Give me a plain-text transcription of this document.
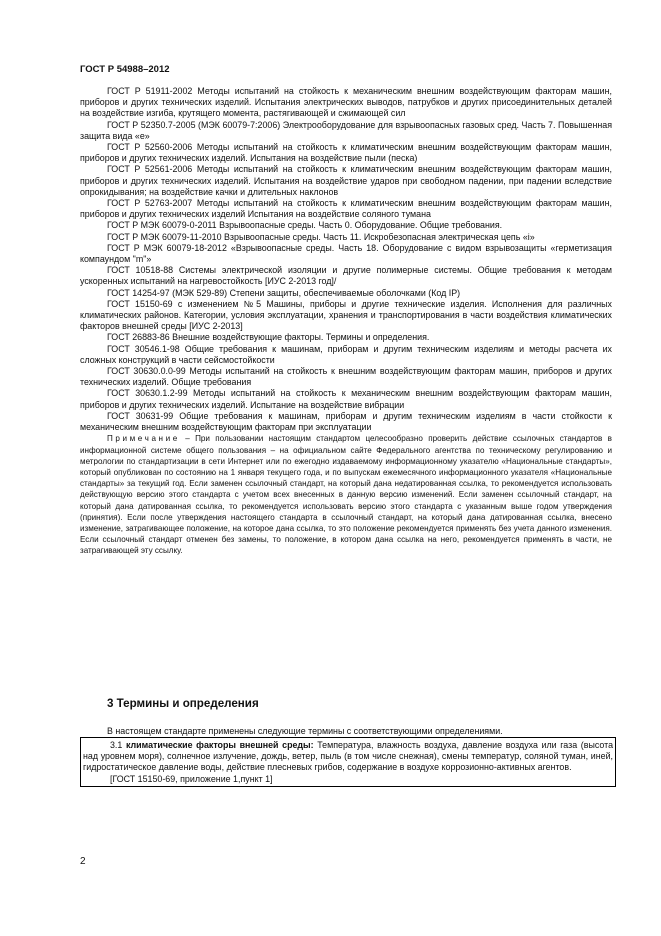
ГОСТ Р 54988–2012

ГОСТ Р 51911-2002 Методы испытаний на стойкость к механическим внешним воздействующим факторам машин, приборов и других технических изделий. Испытания электрических выводов, патрубков и других присоединительных деталей на воздействие изгиба, крутящего момента, растягивающей и сжимающей сил

ГОСТ Р 52350.7-2005 (МЭК 60079-7:2006) Электрооборудование для взрывоопасных газовых сред. Часть 7. Повышенная защита вида «е»

ГОСТ Р 52560-2006 Методы испытаний на стойкость к климатическим внешним воздействующим факторам машин, приборов и других технических изделий. Испытания на воздействие пыли (песка)

ГОСТ Р 52561-2006 Методы испытаний на стойкость к климатическим внешним воздействующим факторам машин, приборов и других технических изделий. Испытания на воздействие ударов при свободном падении, при падении вследствие опрокидывания; на воздействие качки и длительных наклонов

ГОСТ Р 52763-2007 Методы испытаний на стойкость к климатическим внешним воздействующим факторам машин, приборов и других технических изделий Испытания на воздействие соляного тумана

ГОСТ Р МЭК 60079-0-2011 Взрывоопасные среды. Часть 0. Оборудование. Общие требования.

ГОСТ Р МЭК 60079-11-2010 Взрывоопасные среды. Часть 11. Искробезопасная электрическая цепь «i»

ГОСТ Р МЭК 60079-18-2012 «Взрывоопасные среды. Часть 18. Оборудование с видом взрывозащиты «герметизация компаундом "m"»

ГОСТ 10518-88 Системы электрической изоляции и другие полимерные системы. Общие требования к методам ускоренных испытаний на нагревостойкость [ИУС 2-2013 год]/

ГОСТ 14254-97 (МЭК 529-89) Степени защиты, обеспечиваемые оболочками (Код IP)

ГОСТ 15150-69 с изменением №5 Машины, приборы и другие технические изделия. Исполнения для различных климатических районов. Категории, условия эксплуатации, хранения и транспортирования в части воздействия климатических факторов внешней среды [ИУС 2-2013]

ГОСТ 26883-86 Внешние воздействующие факторы. Термины и определения.

ГОСТ 30546.1-98 Общие требования к машинам, приборам и другим техническим изделиям и методы расчета их сложных конструкций в части сейсмостойкости

ГОСТ 30630.0.0-99 Методы испытаний на стойкость к внешним воздействующим факторам машин, приборов и других технических изделий. Общие требования

ГОСТ 30630.1.2-99 Методы испытаний на стойкость к механическим внешним воздействующим факторам машин, приборов и других технических изделий. Испытание на воздействие вибрации

ГОСТ 30631-99 Общие требования к машинам, приборам и другим техническим изделиям в части стойкости к механическим внешним воздействующим факторам при эксплуатации

Примечание – При пользовании настоящим стандартом целесообразно проверить действие ссылочных стандартов в информационной системе общего пользования – на официальном сайте Федерального агентства по техническому регулированию и метрологии по стандартизации в сети Интернет или по ежегодно издаваемому информационному указателю «Национальные стандарты», который опубликован по состоянию на 1 января текущего года, и по выпускам ежемесячного информационного указателя «Национальные стандарты» за текущий год. Если заменен ссылочный стандарт, на который дана недатированная ссылка, то рекомендуется использовать действующую версию этого стандарта с учетом всех внесенных в данную версию изменений. Если заменен ссылочный стандарт, на который дана датированная ссылка, то рекомендуется использовать версию этого стандарта с указанным выше годом утверждения (принятия). Если после утверждения настоящего стандарта в ссылочный стандарт, на который дана датированная ссылка, внесено изменение, затрагивающее положение, на которое дана ссылка, то это положение рекомендуется применять без учета данного изменения. Если ссылочный стандарт отменен без замены, то положение, в котором дана ссылка на него, рекомендуется применять в части, не затрагивающей эту ссылку.

3 Термины и определения

В настоящем стандарте применены следующие термины с соответствующими определениями.

3.1 климатические факторы внешней среды: Температура, влажность воздуха, давление воздуха или газа (высота над уровнем моря), солнечное излучение, дождь, ветер, пыль (в том числе снежная), смены температур, соляной туман, иней, гидростатическое давление воды, действие плесневых грибов, содержание в воздухе коррозионно-активных агентов.

[ГОСТ 15150-69, приложение 1,пункт 1]

2
